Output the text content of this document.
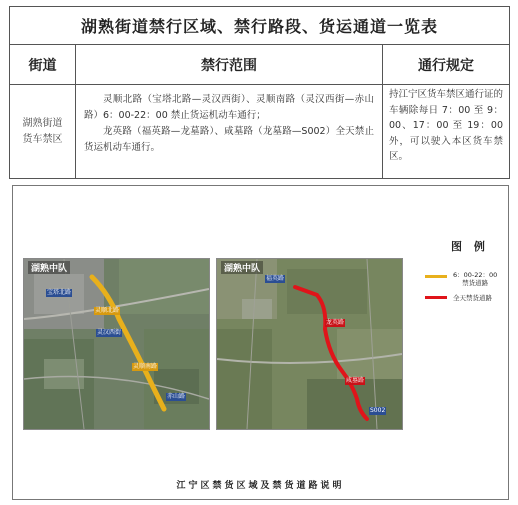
湖熟街道禁行区域、禁行路段、货运通道一览表
街道	禁行范围	通行规定
湖熟街道
货车禁区

灵顺北路（宝塔北路—灵汉西街）、灵顺南路（灵汉西街—赤山路）6：00-22：00 禁止货运机动车通行；

龙英路（福英路—龙墓路）、咸墓路（龙墓路—S002）全天禁止货运机动车通行。

持江宁区货车禁区通行证的车辆除每日 7：00 至 9：00、17：00 至 19：00 外，可以驶入本区货车禁区。
湖熟中队
灵顺北路
灵顺南路
宝塔北路
灵汉西街
赤山路
湖熟中队
福英路
龙英路
咸墓路
S002
图 例
6：00-22：00
禁货道路
全天禁货道路
江宁区禁货区域及禁货道路说明
